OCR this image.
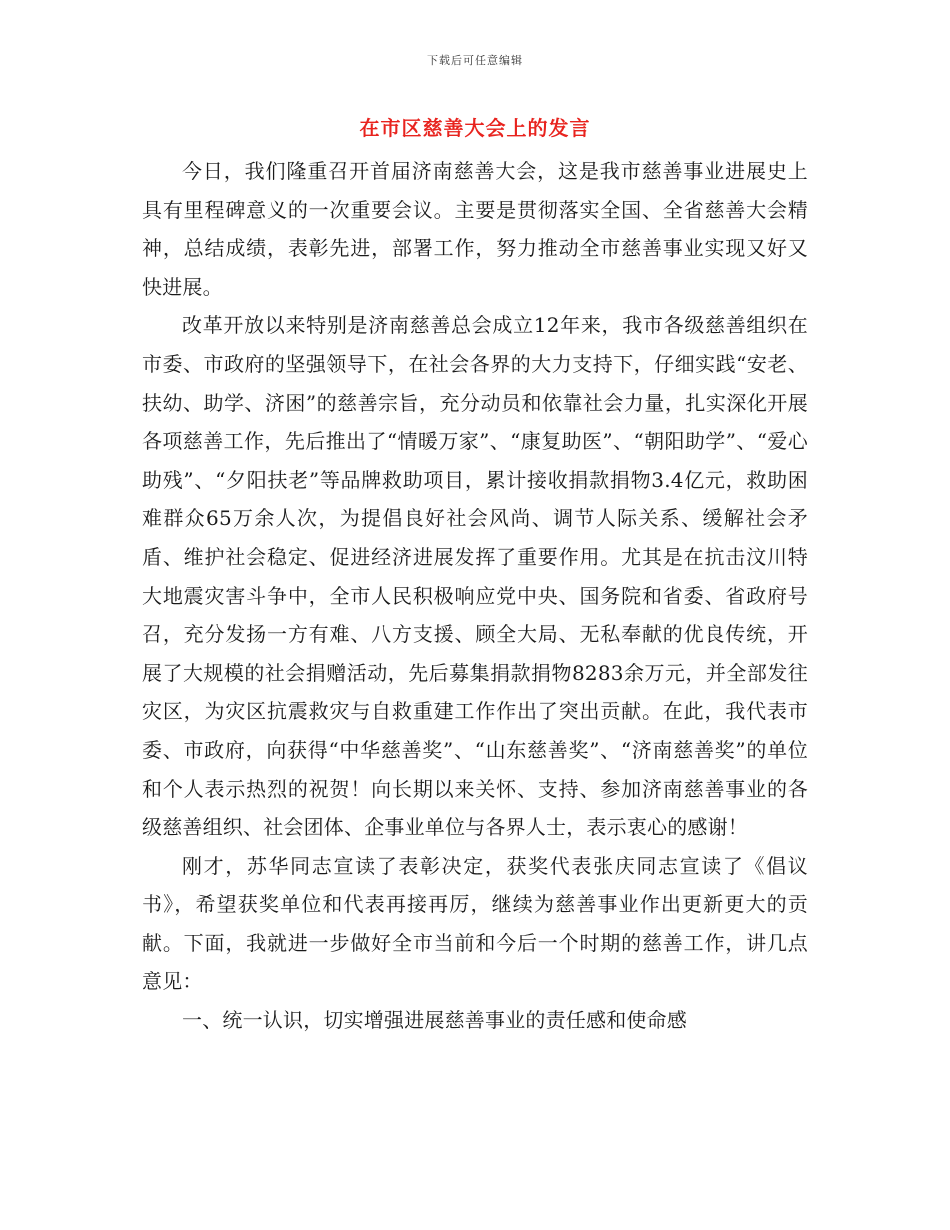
下载后可任意编辑
在市区慈善大会上的发言

今日，我们隆重召开首届济南慈善大会，这是我市慈善事业进展史上具有里程碑意义的一次重要会议。主要是贯彻落实全国、全省慈善大会精神，总结成绩，表彰先进，部署工作，努力推动全市慈善事业实现又好又快进展。

改革开放以来特别是济南慈善总会成立12年来，我市各级慈善组织在市委、市政府的坚强领导下，在社会各界的大力支持下，仔细实践“安老、扶幼、助学、济困”的慈善宗旨，充分动员和依靠社会力量，扎实深化开展各项慈善工作，先后推出了“情暖万家”、“康复助医”、“朝阳助学”、“爱心助残”、“夕阳扶老”等品牌救助项目，累计接收捐款捐物3.4亿元，救助困难群众65万余人次，为提倡良好社会风尚、调节人际关系、缓解社会矛盾、维护社会稳定、促进经济进展发挥了重要作用。尤其是在抗击汶川特大地震灾害斗争中，全市人民积极响应党中央、国务院和省委、省政府号召，充分发扬一方有难、八方支援、顾全大局、无私奉献的优良传统，开展了大规模的社会捐赠活动，先后募集捐款捐物8283余万元，并全部发往灾区，为灾区抗震救灾与自救重建工作作出了突出贡献。在此，我代表市委、市政府，向获得“中华慈善奖”、“山东慈善奖”、“济南慈善奖”的单位和个人表示热烈的祝贺！向长期以来关怀、支持、参加济南慈善事业的各级慈善组织、社会团体、企事业单位与各界人士，表示衷心的感谢！

刚才，苏华同志宣读了表彰决定，获奖代表张庆同志宣读了《倡议书》，希望获奖单位和代表再接再厉，继续为慈善事业作出更新更大的贡献。下面，我就进一步做好全市当前和今后一个时期的慈善工作，讲几点意见：

一、统一认识，切实增强进展慈善事业的责任感和使命感
